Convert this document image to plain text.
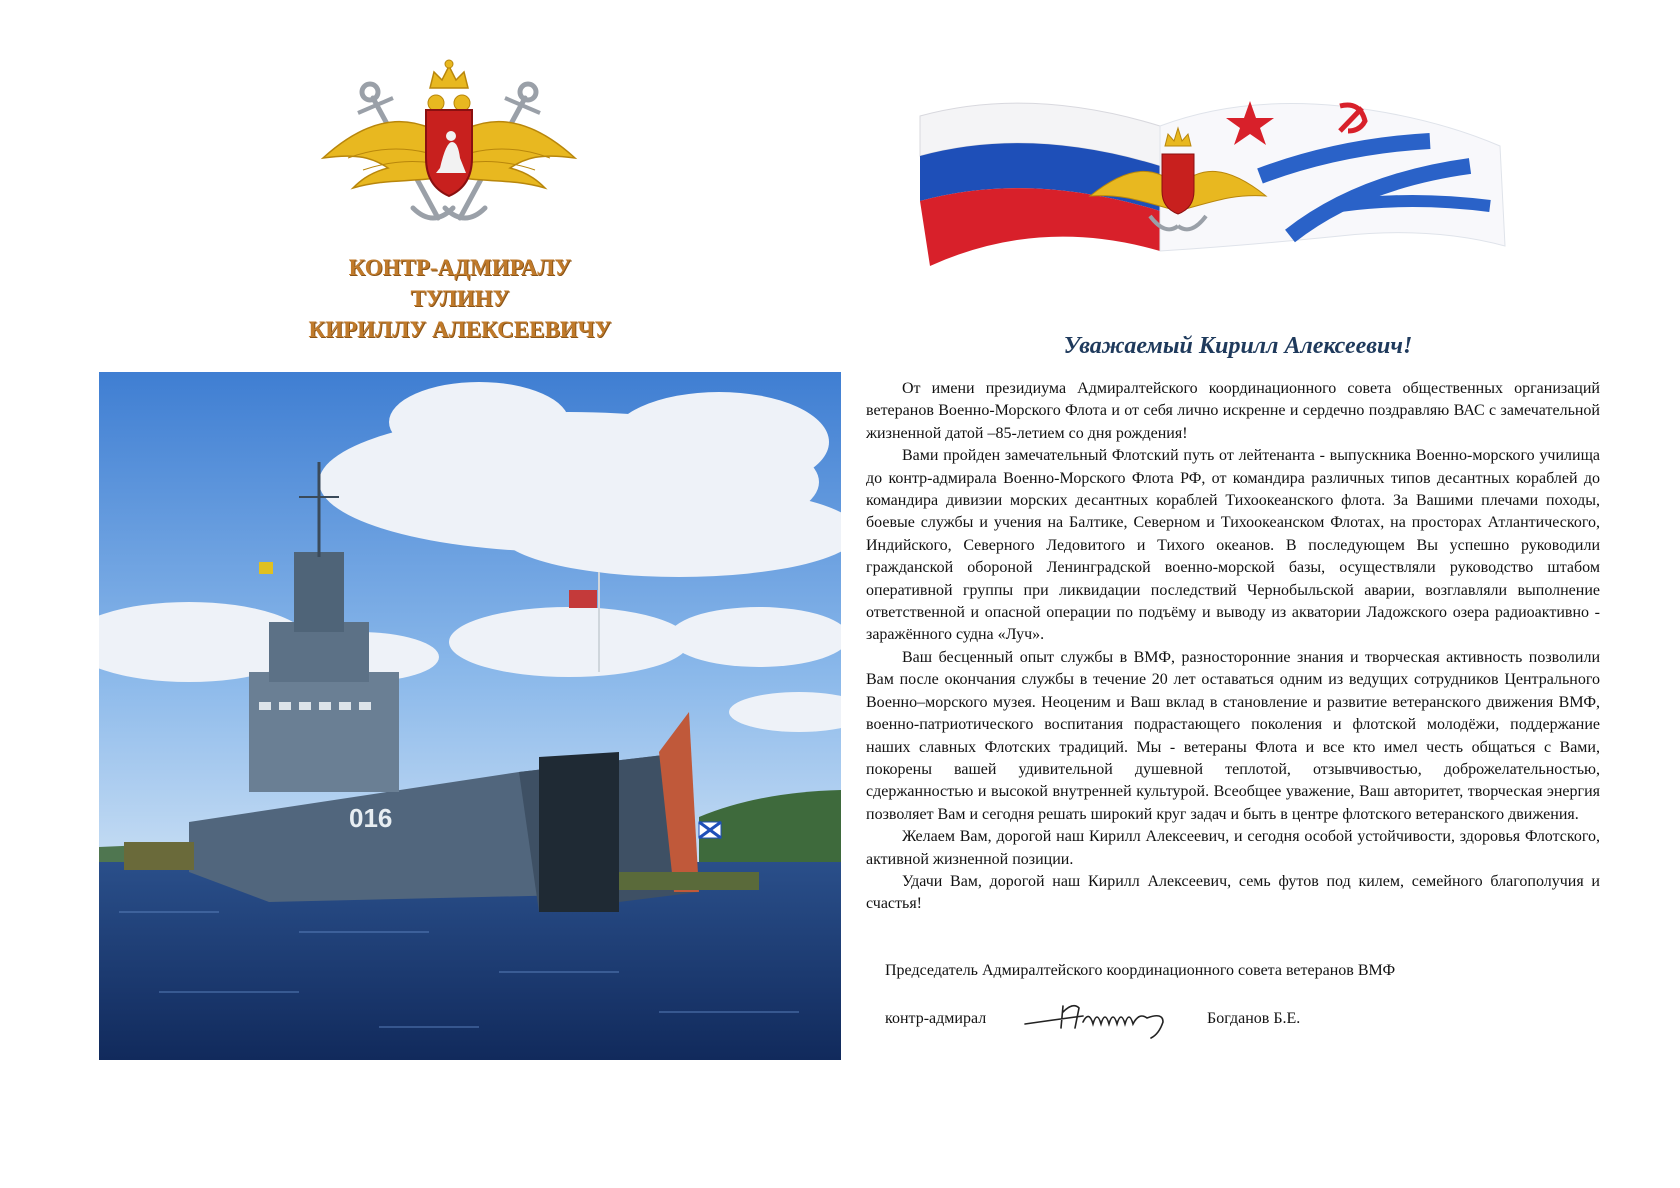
КОНТР-АДМИРАЛУ
ТУЛИНУ
КИРИЛЛУ АЛЕКСЕЕВИЧУ
016
Уважаемый Кирилл Алексеевич!

От имени президиума Адмиралтейского координационного совета общественных организаций ветеранов Военно-Морского Флота и от себя лично искренне и сердечно поздравляю ВАС с замечательной жизненной датой –85-летием со дня рождения!

Вами пройден замечательный Флотский путь от лейтенанта - выпускника Военно-морского училища до контр-адмирала Военно-Морского Флота РФ, от командира различных типов десантных кораблей до командира дивизии морских десантных кораблей Тихоокеанского флота. За Вашими плечами походы, боевые службы и учения на Балтике, Северном и Тихоокеанском Флотах, на просторах Атлантического, Индийского, Северного Ледовитого и Тихого океанов. В последующем Вы успешно руководили гражданской обороной Ленинградской военно-морской базы, осуществляли руководство штабом оперативной группы при ликвидации последствий Чернобыльской аварии, возглавляли выполнение ответственной и опасной операции по подъёму и выводу из акватории Ладожского озера радиоактивно - заражённого судна «Луч».

Ваш бесценный опыт службы в ВМФ, разносторонние знания и творческая активность позволили Вам после окончания службы в течение 20 лет оставаться одним из ведущих сотрудников Центрального Военно–морского музея. Неоценим и Ваш вклад в становление и развитие ветеранского движения ВМФ, военно-патриотического воспитания подрастающего поколения и флотской молодёжи, поддержание наших славных Флотских традиций. Мы - ветераны Флота и все кто имел честь общаться с Вами, покорены вашей удивительной душевной теплотой, отзывчивостью, доброжелательностью, сдержанностью и высокой внутренней культурой. Всеобщее уважение, Ваш авторитет, творческая энергия позволяет Вам и сегодня решать широкий круг задач и быть в центре флотского ветеранского движения.

Желаем Вам, дорогой наш Кирилл Алексеевич, и сегодня особой устойчивости, здоровья Флотского, активной жизненной позиции.

Удачи Вам, дорогой наш Кирилл Алексеевич, семь футов под килем, семейного благополучия и счастья!

Председатель Адмиралтейского координационного совета ветеранов ВМФ
контр-адмирал	Богданов Б.Е.
